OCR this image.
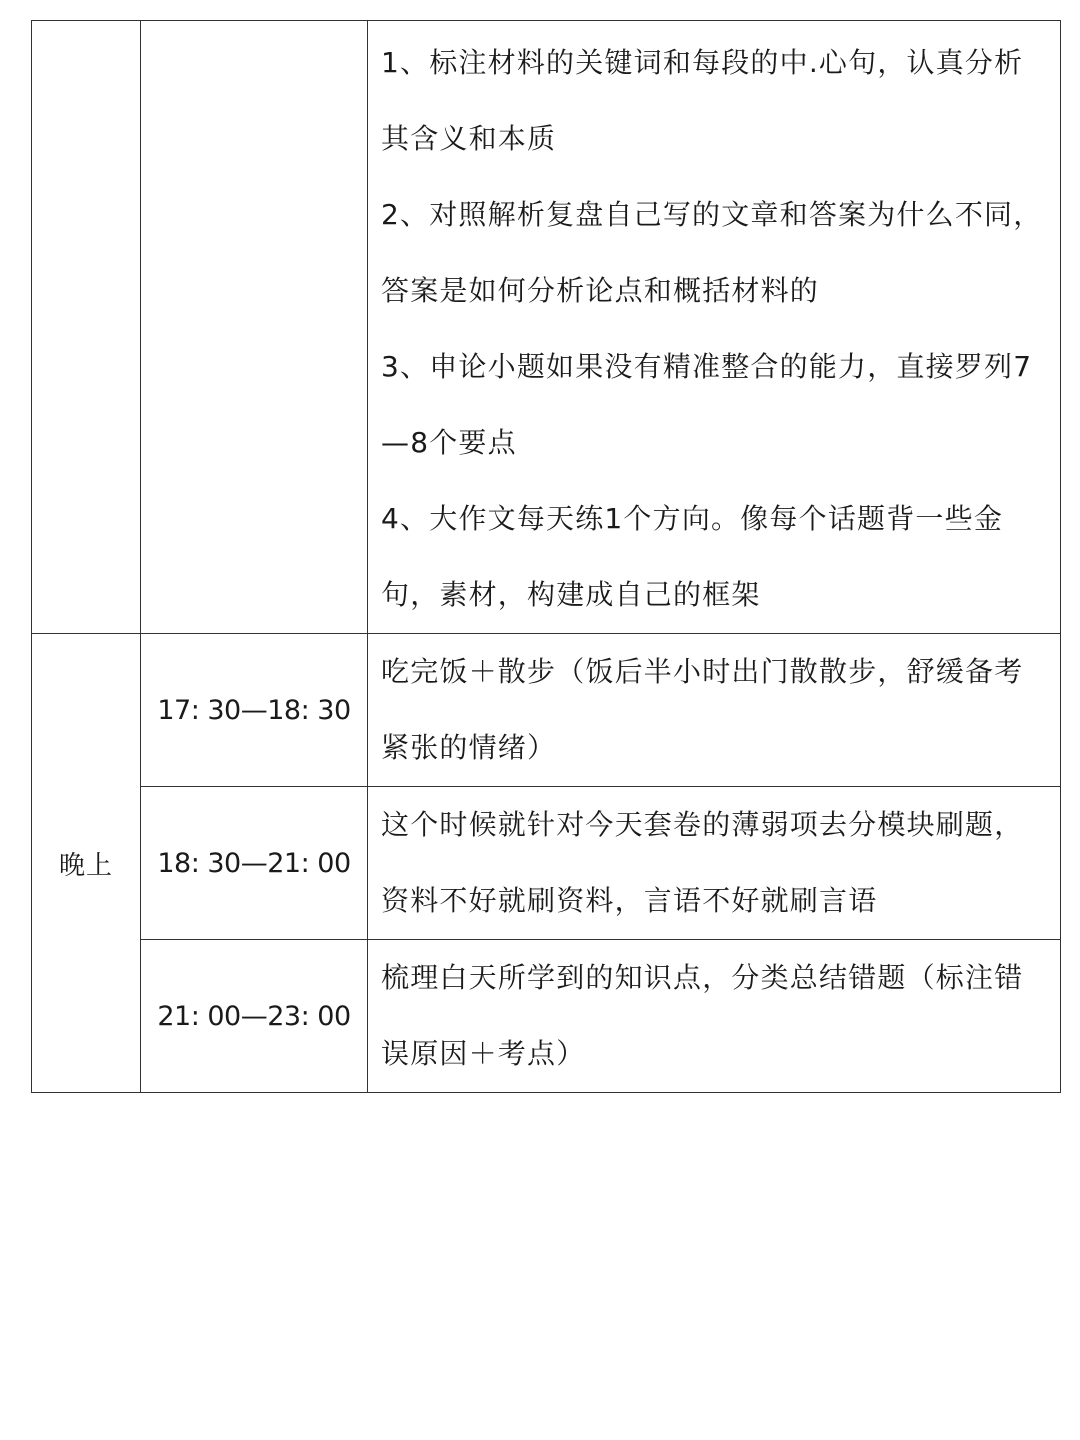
		1、标注材料的关键词和每段的中.心句，认真分析其含义和本质

2、对照解析复盘自己写的文章和答案为什么不同，答案是如何分析论点和概括材料的

3、申论小题如果没有精准整合的能力，直接罗列7—8个要点

4、大作文每天练1个方向。像每个话题背一些金句，素材，构建成自己的框架

晚上	17: 30—18: 30	吃完饭＋散步（饭后半小时出门散散步，舒缓备考紧张的情绪）
	18: 30—21: 00	这个时候就针对今天套卷的薄弱项去分模块刷题，资料不好就刷资料，言语不好就刷言语
	21: 00—23: 00	梳理白天所学到的知识点，分类总结错题（标注错误原因＋考点）
